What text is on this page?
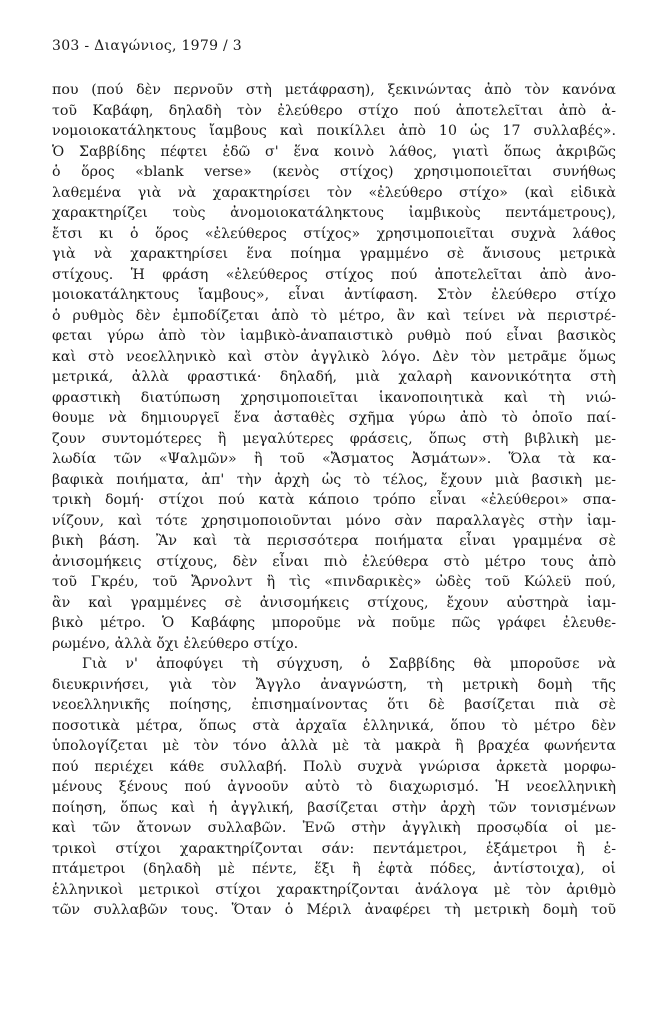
303 - Διαγώνιος, 1979 / 3
που (πού δὲν περνοῦν στὴ μετάφραση), ξεκινώντας ἀπὸ τὸν κανόνα
τοῦ Καβάφη, δηλαδὴ τὸν ἐλεύθερο στίχο πού ἀποτελεῖται ἀπὸ ἀ-
νομοιοκατάληκτους ἴαμβους καὶ ποικίλλει ἀπὸ 10 ὡς 17 συλλαβές».
Ὁ Σαββίδης πέφτει ἐδῶ σ' ἕνα κοινὸ λάθος, γιατὶ ὅπως ἀκριβῶς
ὁ ὅρος «blank verse» (κενὸς στίχος) χρησιμοποιεῖται συνήθως
λαθεμένα γιὰ νὰ χαρακτηρίσει τὸν «ἐλεύθερο στίχο» (καὶ εἰδικὰ
χαρακτηρίζει τοὺς ἀνομοιοκατάληκτους ἰαμβικοὺς πεντάμετρους),
ἔτσι κι ὁ ὅρος «ἐλεύθερος στίχος» χρησιμοποιεῖται συχνὰ λάθος
γιὰ νὰ χαρακτηρίσει ἕνα ποίημα γραμμένο σὲ ἄνισους μετρικὰ
στίχους. Ἡ φράση «ἐλεύθερος στίχος πού ἀποτελεῖται ἀπὸ ἀνο-
μοιοκατάληκτους ἴαμβους», εἶναι ἀντίφαση. Στὸν ἐλεύθερο στίχο
ὁ ρυθμὸς δὲν ἐμποδίζεται ἀπὸ τὸ μέτρο, ἂν καὶ τείνει νὰ περιστρέ-
φεται γύρω ἀπὸ τὸν ἰαμβικὸ-ἀναπαιστικὸ ρυθμὸ πού εἶναι βασικὸς
καὶ στὸ νεοελληνικὸ καὶ στὸν ἀγγλικὸ λόγο. Δὲν τὸν μετρᾶμε ὅμως
μετρικά, ἀλλὰ φραστικά· δηλαδή, μιὰ χαλαρὴ κανονικότητα στὴ
φραστικὴ διατύπωση χρησιμοποιεῖται ἱκανοποιητικὰ καὶ τὴ νιώ-
θουμε νὰ δημιουργεῖ ἕνα ἀσταθὲς σχῆμα γύρω ἀπὸ τὸ ὁποῖο παί-
ζουν συντομότερες ἢ μεγαλύτερες φράσεις, ὅπως στὴ βιβλικὴ με-
λωδία τῶν «Ψαλμῶν» ἢ τοῦ «Ἄσματος Ἀσμάτων». Ὅλα τὰ κα-
βαφικὰ ποιήματα, ἀπ' τὴν ἀρχὴ ὡς τὸ τέλος, ἔχουν μιὰ βασικὴ με-
τρικὴ δομή· στίχοι πού κατὰ κάποιο τρόπο εἶναι «ἐλεύθεροι» σπα-
νίζουν, καὶ τότε χρησιμοποιοῦνται μόνο σὰν παραλλαγὲς στὴν ἰαμ-
βικὴ βάση. Ἂν καὶ τὰ περισσότερα ποιήματα εἶναι γραμμένα σὲ
ἀνισομήκεις στίχους, δὲν εἶναι πιὸ ἐλεύθερα στὸ μέτρο τους ἀπὸ
τοῦ Γκρέυ, τοῦ Ἄρνολντ ἢ τὶς «πινδαρικὲς» ὠδὲς τοῦ Κώλεϋ πού,
ἂν καὶ γραμμένες σὲ ἀνισομήκεις στίχους, ἔχουν αὐστηρὰ ἰαμ-
βικὸ μέτρο. Ὁ Καβάφης μποροῦμε νὰ ποῦμε πῶς γράφει ἐλευθε-
ρωμένο, ἀλλὰ ὄχι ἐλεύθερο στίχο.
Γιὰ ν' ἀποφύγει τὴ σύγχυση, ὁ Σαββίδης θὰ μποροῦσε νὰ
διευκρινήσει, γιὰ τὸν Ἄγγλο ἀναγνώστη, τὴ μετρικὴ δομὴ τῆς
νεοελληνικῆς ποίησης, ἐπισημαίνοντας ὅτι δὲ βασίζεται πιὰ σὲ
ποσοτικὰ μέτρα, ὅπως στὰ ἀρχαῖα ἑλληνικά, ὅπου τὸ μέτρο δὲν
ὑπολογίζεται μὲ τὸν τόνο ἀλλὰ μὲ τὰ μακρὰ ἢ βραχέα φωνήεντα
πού περιέχει κάθε συλλαβή. Πολὺ συχνὰ γνώρισα ἀρκετὰ μορφω-
μένους ξένους πού ἀγνοοῦν αὐτὸ τὸ διαχωρισμό. Ἡ νεοελληνικὴ
ποίηση, ὅπως καὶ ἡ ἀγγλική, βασίζεται στὴν ἀρχὴ τῶν τονισμένων
καὶ τῶν ἄτονων συλλαβῶν. Ἐνῶ στὴν ἀγγλικὴ προσῳδία οἱ με-
τρικοὶ στίχοι χαρακτηρίζονται σάν: πεντάμετροι, ἑξάμετροι ἢ ἑ-
πτάμετροι (δηλαδὴ μὲ πέντε, ἕξι ἢ ἑφτὰ πόδες, ἀντίστοιχα), οἱ
ἑλληνικοὶ μετρικοὶ στίχοι χαρακτηρίζονται ἀνάλογα μὲ τὸν ἀριθμὸ
τῶν συλλαβῶν τους. Ὅταν ὁ Μέριλ ἀναφέρει τὴ μετρικὴ δομὴ τοῦ
